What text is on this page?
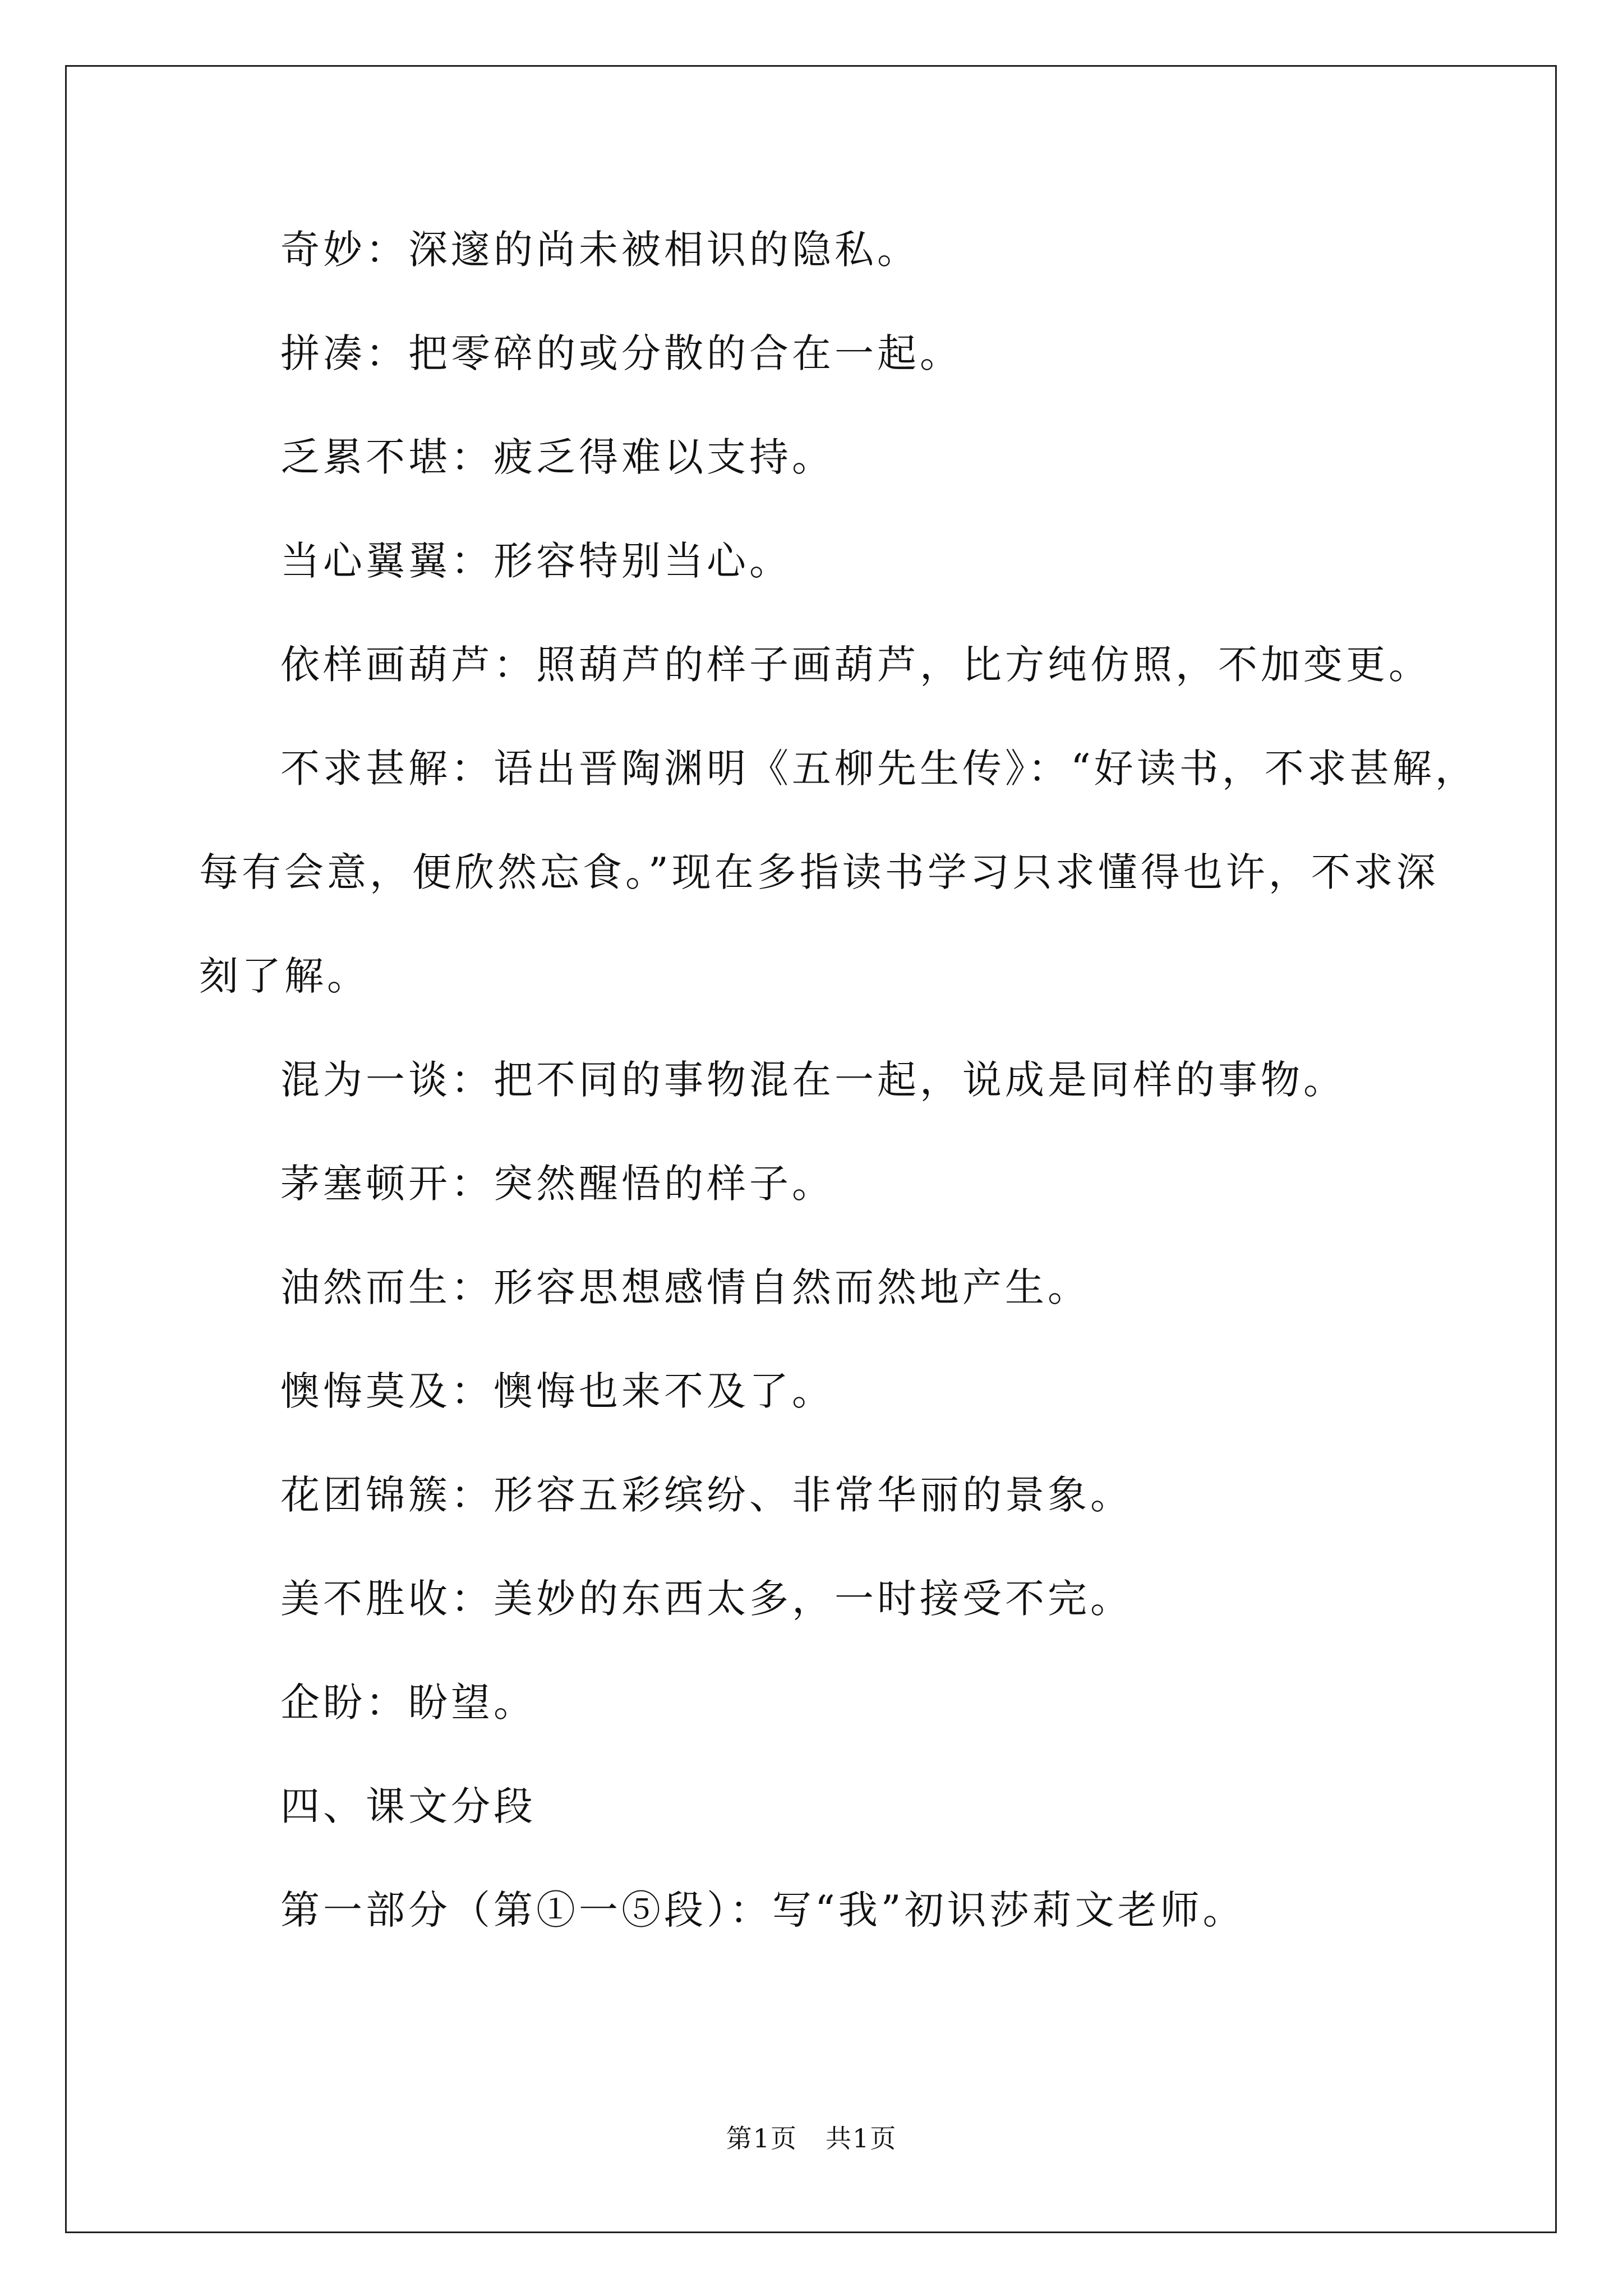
奇妙：深邃的尚未被相识的隐私。
拼凑：把零碎的或分散的合在一起。
乏累不堪：疲乏得难以支持。
当心翼翼：形容特别当心。
依样画葫芦：照葫芦的样子画葫芦，比方纯仿照，不加变更。
不求甚解：语出晋陶渊明《五柳先生传》：“好读书，不求甚解，
每有会意，便欣然忘食。”现在多指读书学习只求懂得也许，不求深
刻了解。
混为一谈：把不同的事物混在一起，说成是同样的事物。
茅塞顿开：突然醒悟的样子。
油然而生：形容思想感情自然而然地产生。
懊悔莫及：懊悔也来不及了。
花团锦簇：形容五彩缤纷、非常华丽的景象。
美不胜收：美妙的东西太多，一时接受不完。
企盼：盼望。
四、课文分段
第一部分（第①一⑤段）：写“我”初识莎莉文老师。
第1页 共1页
